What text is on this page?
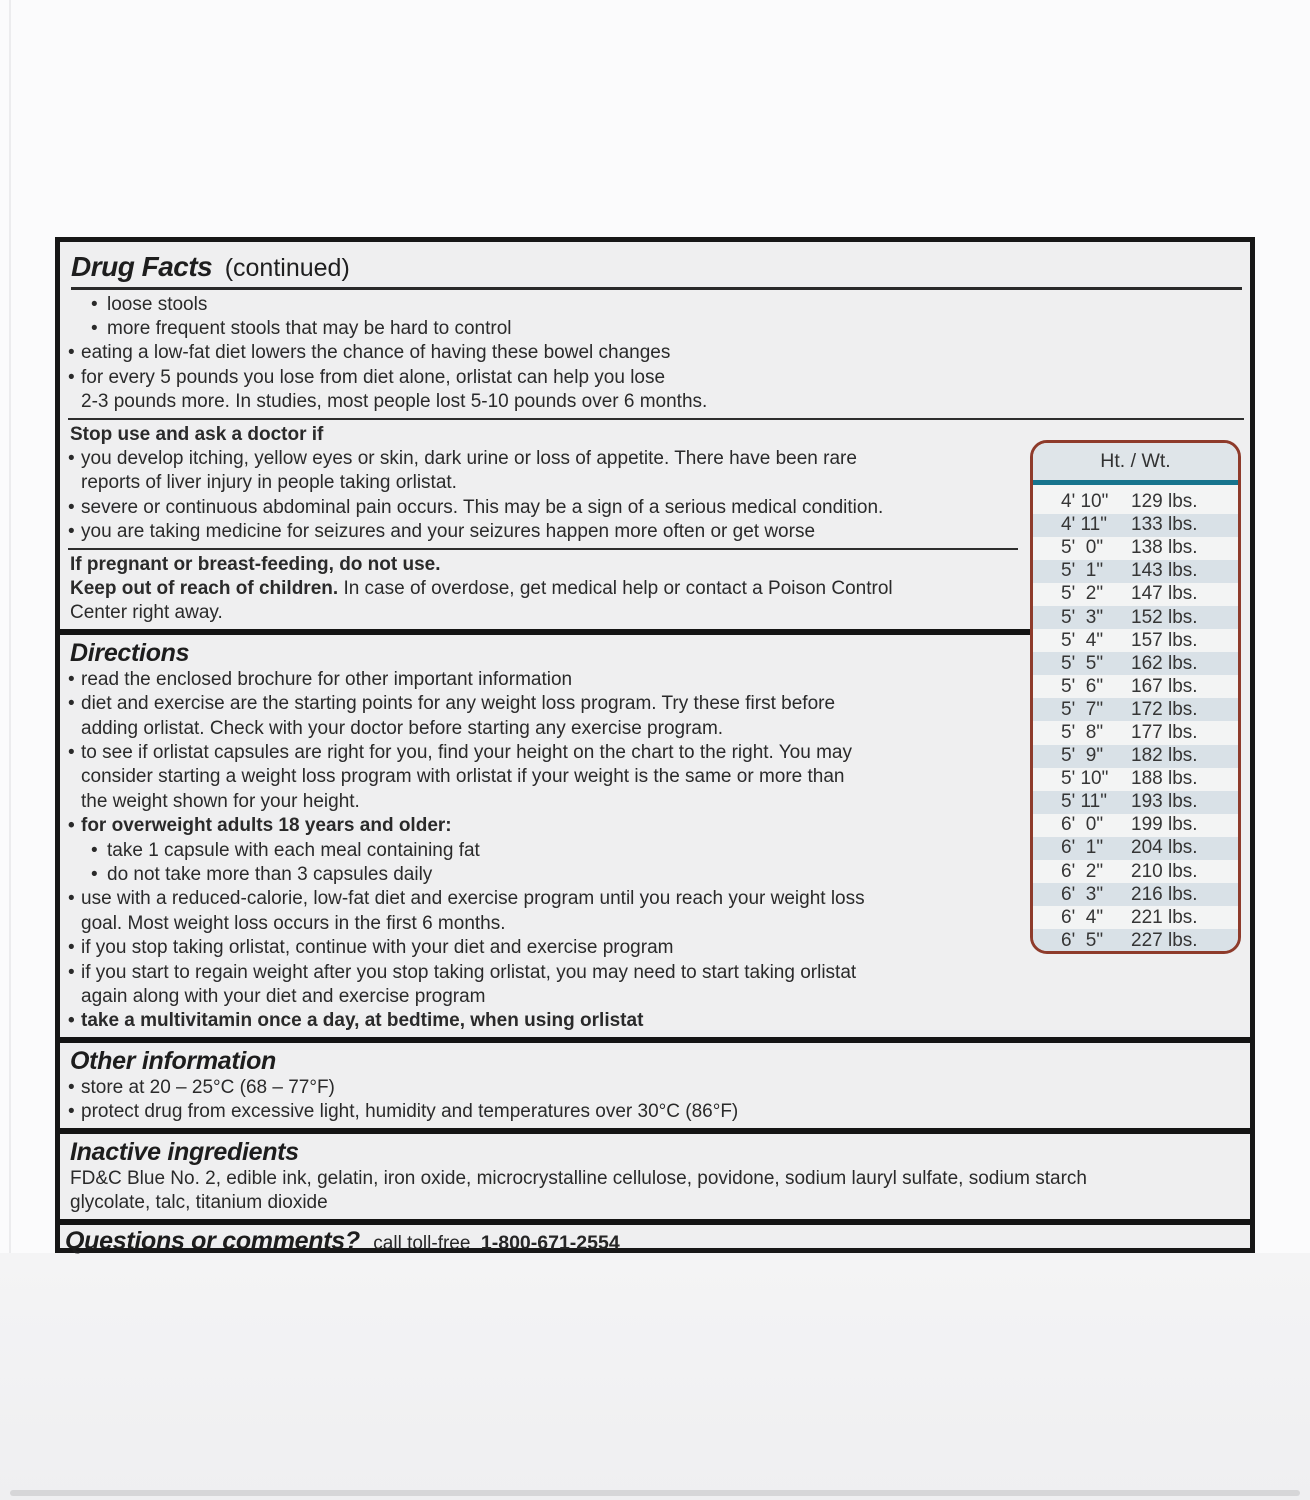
Drug Facts (continued)
• loose stools
• more frequent stools that may be hard to control
• eating a low-fat diet lowers the chance of having these bowel changes
• for every 5 pounds you lose from diet alone, orlistat can help you lose
2-3 pounds more. In studies, most people lost 5-10 pounds over 6 months.
Stop use and ask a doctor if
• you develop itching, yellow eyes or skin, dark urine or loss of appetite. There have been rare
reports of liver injury in people taking orlistat.
• severe or continuous abdominal pain occurs. This may be a sign of a serious medical condition.
• you are taking medicine for seizures and your seizures happen more often or get worse
If pregnant or breast-feeding, do not use.
Keep out of reach of children. In case of overdose, get medical help or contact a Poison Control
Center right away.
Directions
• read the enclosed brochure for other important information
• diet and exercise are the starting points for any weight loss program. Try these first before
adding orlistat. Check with your doctor before starting any exercise program.
• to see if orlistat capsules are right for you, find your height on the chart to the right. You may
consider starting a weight loss program with orlistat if your weight is the same or more than
the weight shown for your height.
• for overweight adults 18 years and older:
• take 1 capsule with each meal containing fat
• do not take more than 3 capsules daily
• use with a reduced-calorie, low-fat diet and exercise program until you reach your weight loss
goal. Most weight loss occurs in the first 6 months.
• if you stop taking orlistat, continue with your diet and exercise program
• if you start to regain weight after you stop taking orlistat, you may need to start taking orlistat
again along with your diet and exercise program
• take a multivitamin once a day, at bedtime, when using orlistat
Other information
• store at 20 – 25°C (68 – 77°F)
• protect drug from excessive light, humidity and temperatures over 30°C (86°F)
Inactive ingredients
FD&C Blue No. 2, edible ink, gelatin, iron oxide, microcrystalline cellulose, povidone, sodium lauryl sulfate, sodium starch
glycolate, talc, titanium dioxide
Questions or comments? call toll-free 1-800-671-2554
Ht. / Wt.
4' 10"	129 lbs.
4' 11"	133 lbs.
5'  0"	138 lbs.
5'  1"	143 lbs.
5'  2"	147 lbs.
5'  3"	152 lbs.
5'  4"	157 lbs.
5'  5"	162 lbs.
5'  6"	167 lbs.
5'  7"	172 lbs.
5'  8"	177 lbs.
5'  9"	182 lbs.
5' 10"	188 lbs.
5' 11"	193 lbs.
6'  0"	199 lbs.
6'  1"	204 lbs.
6'  2"	210 lbs.
6'  3"	216 lbs.
6'  4"	221 lbs.
6'  5"	227 lbs.
